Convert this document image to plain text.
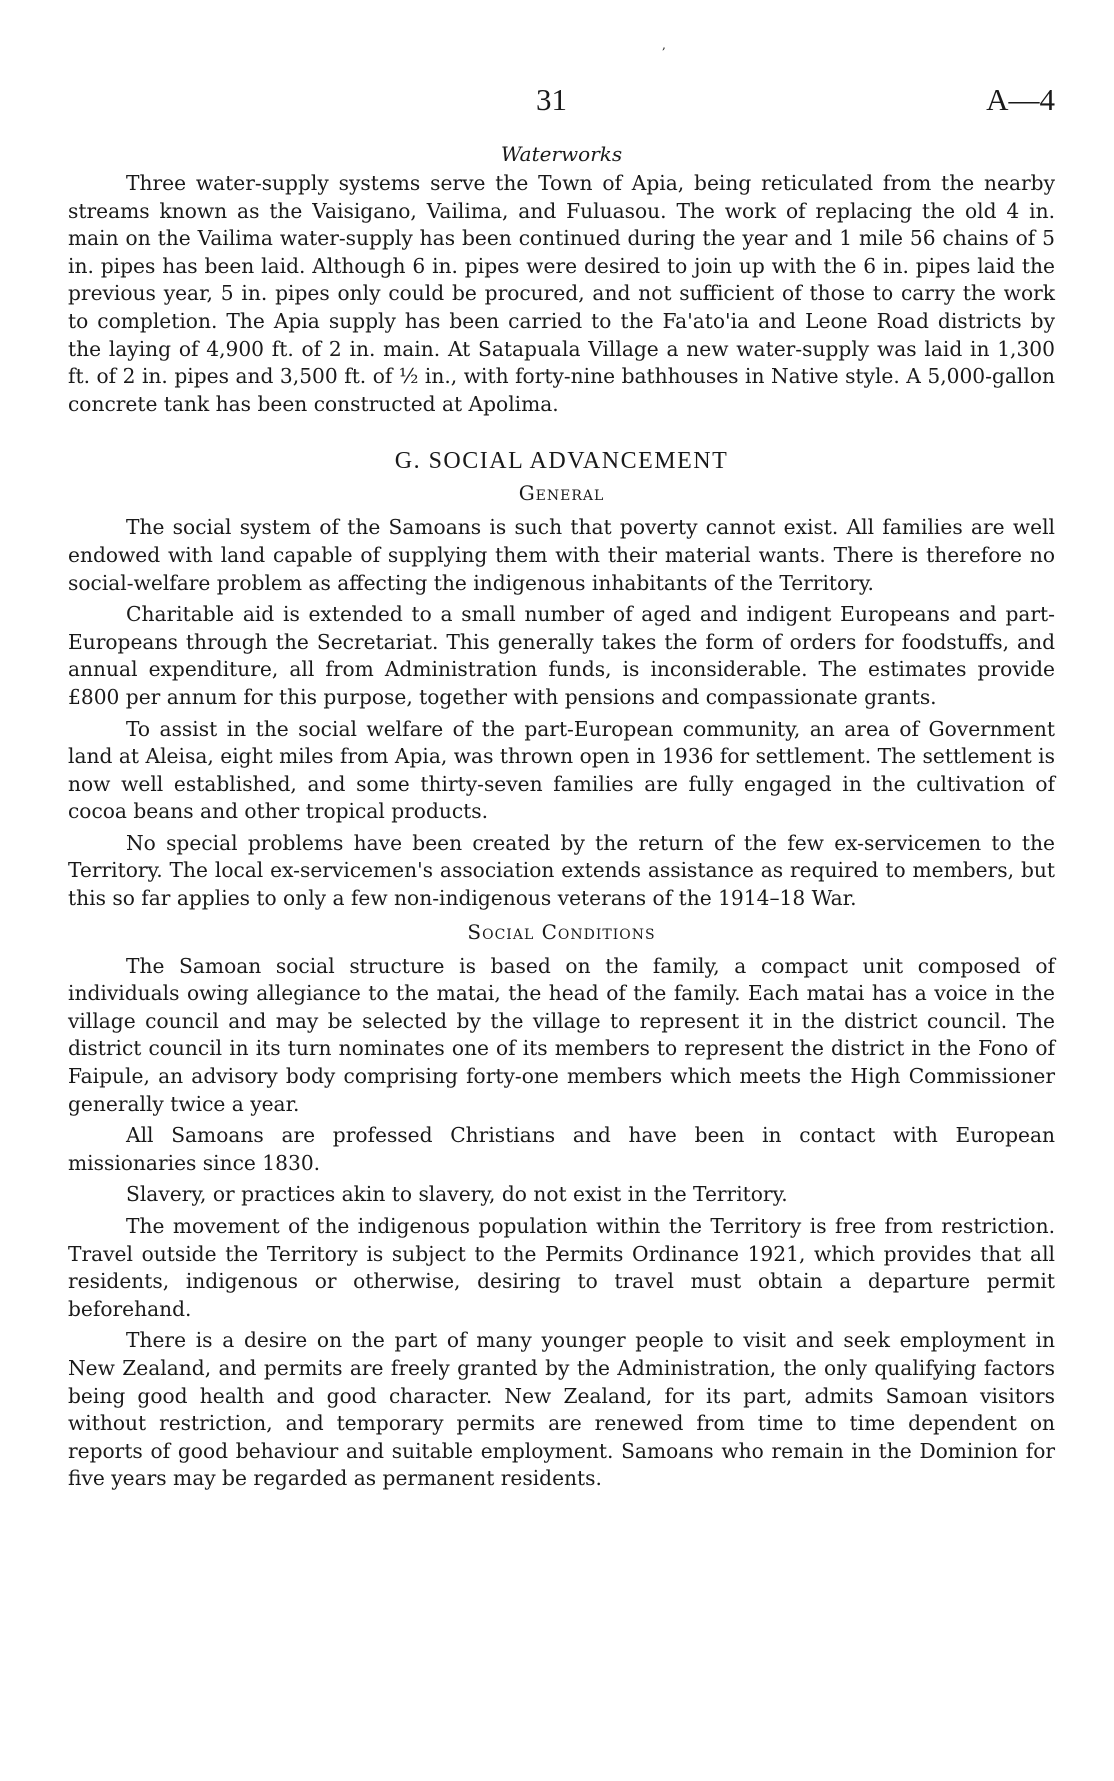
,
31	A—4
Waterworks

Three water-supply systems serve the Town of Apia, being reticulated from the nearby streams known as the Vaisigano, Vailima, and Fuluasou. The work of replacing the old 4 in. main on the Vailima water-supply has been continued during the year and 1 mile 56 chains of 5 in. pipes has been laid. Although 6 in. pipes were desired to join up with the 6 in. pipes laid the previous year, 5 in. pipes only could be procured, and not sufficient of those to carry the work to completion. The Apia supply has been carried to the Fa'ato'ia and Leone Road districts by the laying of 4,900 ft. of 2 in. main. At Satapuala Village a new water-supply was laid in 1,300 ft. of 2 in. pipes and 3,500 ft. of ½ in., with forty-nine bathhouses in Native style. A 5,000-gallon concrete tank has been constructed at Apolima.

G. SOCIAL ADVANCEMENT
General

The social system of the Samoans is such that poverty cannot exist. All families are well endowed with land capable of supplying them with their material wants. There is therefore no social-welfare problem as affecting the indigenous inhabitants of the Territory.

Charitable aid is extended to a small number of aged and indigent Europeans and part-Europeans through the Secretariat. This generally takes the form of orders for foodstuffs, and annual expenditure, all from Administration funds, is inconsiderable. The estimates provide £800 per annum for this purpose, together with pensions and compassionate grants.

To assist in the social welfare of the part-European community, an area of Government land at Aleisa, eight miles from Apia, was thrown open in 1936 for settlement. The settlement is now well established, and some thirty-seven families are fully engaged in the cultivation of cocoa beans and other tropical products.

No special problems have been created by the return of the few ex-servicemen to the Territory. The local ex-servicemen's association extends assistance as required to members, but this so far applies to only a few non-indigenous veterans of the 1914–18 War.

Social Conditions

The Samoan social structure is based on the family, a compact unit composed of individuals owing allegiance to the matai, the head of the family. Each matai has a voice in the village council and may be selected by the village to represent it in the district council. The district council in its turn nominates one of its members to represent the district in the Fono of Faipule, an advisory body comprising forty-one members which meets the High Commissioner generally twice a year.

All Samoans are professed Christians and have been in contact with European missionaries since 1830.

Slavery, or practices akin to slavery, do not exist in the Territory.

The movement of the indigenous population within the Territory is free from restriction. Travel outside the Territory is subject to the Permits Ordinance 1921, which provides that all residents, indigenous or otherwise, desiring to travel must obtain a departure permit beforehand.

There is a desire on the part of many younger people to visit and seek employment in New Zealand, and permits are freely granted by the Administration, the only qualifying factors being good health and good character. New Zealand, for its part, admits Samoan visitors without restriction, and temporary permits are renewed from time to time dependent on reports of good behaviour and suitable employment. Samoans who remain in the Dominion for five years may be regarded as permanent residents.
